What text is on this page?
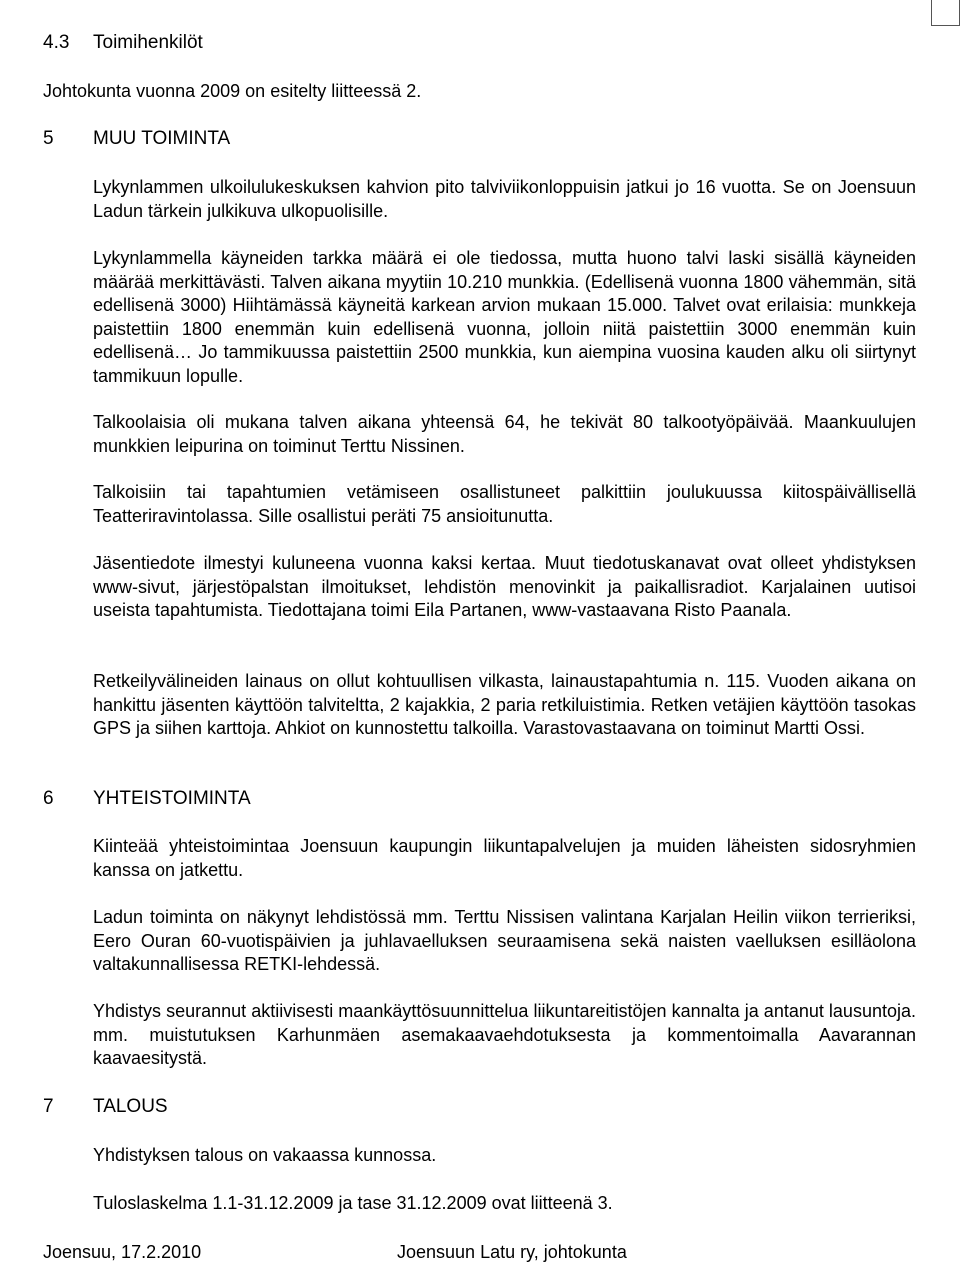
4.3 Toimihenkilöt
Johtokunta vuonna 2009 on esitelty liitteessä 2.
5 MUU TOIMINTA
Lykynlammen ulkoilulukeskuksen kahvion pito talviviikonloppuisin jatkui jo 16 vuotta. Se on Joensuun Ladun tärkein julkikuva ulkopuolisille.
Lykynlammella käyneiden tarkka määrä ei ole tiedossa, mutta huono talvi laski sisällä käyneiden määrää merkittävästi. Talven aikana myytiin 10.210 munkkia. (Edellisenä vuonna 1800 vähemmän, sitä edellisenä 3000) Hiihtämässä käyneitä karkean arvion mukaan 15.000. Talvet ovat erilaisia: munkkeja paistettiin 1800 enemmän kuin edellisenä vuonna, jolloin niitä paistettiin 3000 enemmän kuin edellisenä… Jo tammikuussa paistettiin 2500 munkkia, kun aiempina vuosina kauden alku oli siirtynyt tammikuun lopulle.
Talkoolaisia oli mukana talven aikana yhteensä 64, he tekivät 80 talkootyöpäivää. Maankuulujen munkkien leipurina on toiminut Terttu Nissinen.
Talkoisiin tai tapahtumien vetämiseen osallistuneet palkittiin joulukuussa kiitospäivällisellä Teatteriravintolassa. Sille osallistui peräti 75 ansioitunutta.
Jäsentiedote ilmestyi kuluneena vuonna kaksi kertaa. Muut tiedotuskanavat ovat olleet yhdistyksen www-sivut, järjestöpalstan ilmoitukset, lehdistön menovinkit ja paikallisradiot. Karjalainen uutisoi useista tapahtumista. Tiedottajana toimi Eila Partanen, www-vastaavana Risto Paanala.
Retkeilyvälineiden lainaus on ollut kohtuullisen vilkasta, lainaustapahtumia n. 115. Vuoden aikana on hankittu jäsenten käyttöön talviteltta, 2 kajakkia, 2 paria retkiluistimia. Retken vetäjien käyttöön tasokas GPS ja siihen karttoja. Ahkiot on kunnostettu talkoilla. Varastovastaavana on toiminut Martti Ossi.
6 YHTEISTOIMINTA
Kiinteää yhteistoimintaa Joensuun kaupungin liikuntapalvelujen ja muiden läheisten sidosryhmien kanssa on jatkettu.
Ladun toiminta on näkynyt lehdistössä mm. Terttu Nissisen valintana Karjalan Heilin viikon terrieriksi, Eero Ouran 60-vuotispäivien ja juhlavaelluksen seuraamisena sekä naisten vaelluksen esilläolona valtakunnallisessa RETKI-lehdessä.
Yhdistys seurannut aktiivisesti maankäyttösuunnittelua liikuntareitistöjen kannalta ja antanut lausuntoja. mm. muistutuksen Karhunmäen asemakaavaehdotuksesta ja kommentoimalla Aavarannan kaavaesitystä.
7 TALOUS
Yhdistyksen talous on vakaassa kunnossa.
Tuloslaskelma 1.1-31.12.2009 ja tase 31.12.2009 ovat liitteenä 3.
Joensuu, 17.2.2010	Joensuun Latu ry, johtokunta
